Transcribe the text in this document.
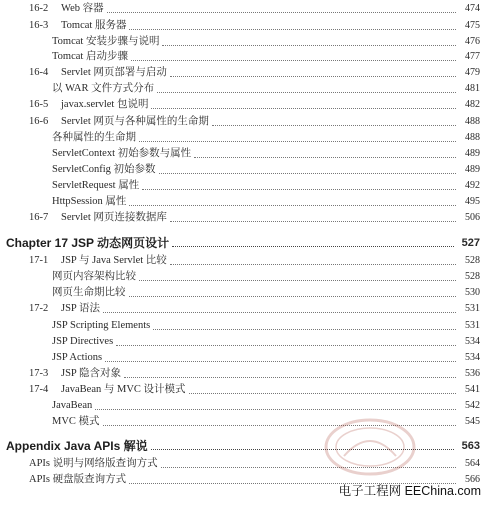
16-2	Web 容器	474
16-3	Tomcat 服务器	475
Tomcat 安装步骤与说明	476
Tomcat 启动步骤	477
16-4	Servlet 网页部署与启动	479
以 WAR 文件方式分布	481
16-5	javax.servlet 包说明	482
16-6	Servlet 网页与各种属性的生命期	488
各种属性的生命期	488
ServletContext 初始参数与属性	489
ServletConfig 初始参数	489
ServletRequest 属性	492
HttpSession 属性	495
16-7	Servlet 网页连接数据库	506
Chapter 17 JSP 动态网页设计	527
17-1	JSP 与 Java Servlet 比较	528
网页内容架构比较	528
网页生命期比较	530
17-2	JSP 语法	531
JSP Scripting Elements	531
JSP Directives	534
JSP Actions	534
17-3	JSP 隐含对象	536
17-4	JavaBean 与 MVC 设计模式	541
JavaBean	542
MVC 模式	545
Appendix Java APIs 解说	563
APIs 说明与网络版查询方式	564
APIs 硬盘版查询方式	566
电子工程网 EEChina.com
